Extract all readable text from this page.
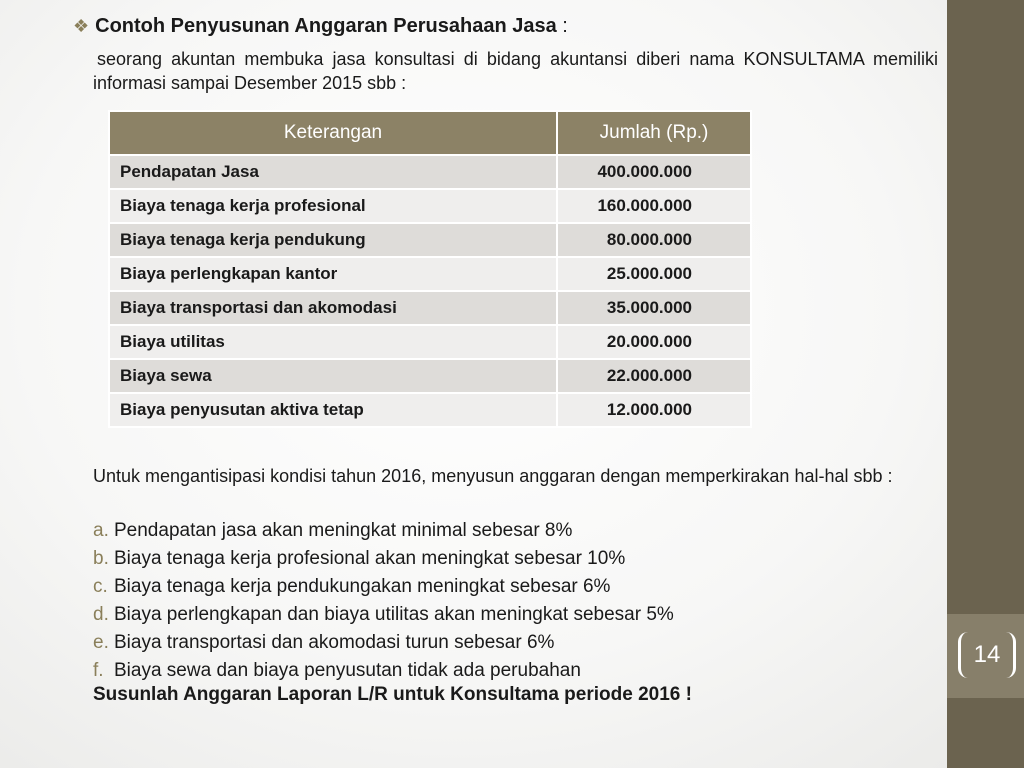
14
❖ Contoh Penyusunan Anggaran Perusahaan Jasa :
seorang akuntan membuka jasa konsultasi di bidang akuntansi diberi nama KONSULTAMA memiliki informasi sampai Desember 2015 sbb :
Keterangan	Jumlah (Rp.)
Pendapatan Jasa	400.000.000
Biaya tenaga kerja profesional	160.000.000
Biaya tenaga kerja pendukung	80.000.000
Biaya perlengkapan kantor	25.000.000
Biaya transportasi dan akomodasi	35.000.000
Biaya utilitas	20.000.000
Biaya sewa	22.000.000
Biaya penyusutan aktiva tetap	12.000.000
Untuk mengantisipasi kondisi tahun 2016, menyusun anggaran dengan memperkirakan hal-hal sbb :
a. Pendapatan jasa akan meningkat minimal sebesar 8%
b. Biaya tenaga kerja profesional akan meningkat sebesar 10%
c. Biaya tenaga kerja pendukungakan meningkat sebesar 6%
d. Biaya perlengkapan dan biaya utilitas akan meningkat sebesar 5%
e. Biaya transportasi dan akomodasi turun sebesar 6%
f. Biaya sewa dan biaya penyusutan tidak ada perubahan
Susunlah Anggaran Laporan L/R untuk Konsultama periode 2016 !
